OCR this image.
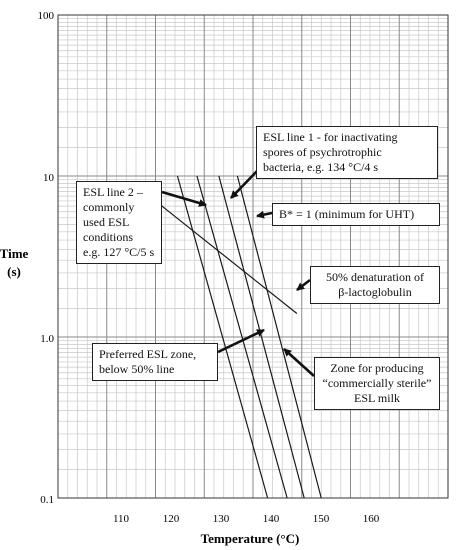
0.1
1.0
10
100
110	120	130	140	150	160
Temperature (°C)
Time
(s)
ESL line 1 - for inactivating
spores of psychrotrophic
bacteria, e.g. 134 °C/4 s
ESL line 2 –
commonly
used ESL
conditions
e.g. 127 °C/5 s
B* = 1 (minimum for UHT)
50% denaturation of
β-lactoglobulin
Preferred ESL zone,
below 50% line	Zone for producing
“commercially sterile”
ESL milk
